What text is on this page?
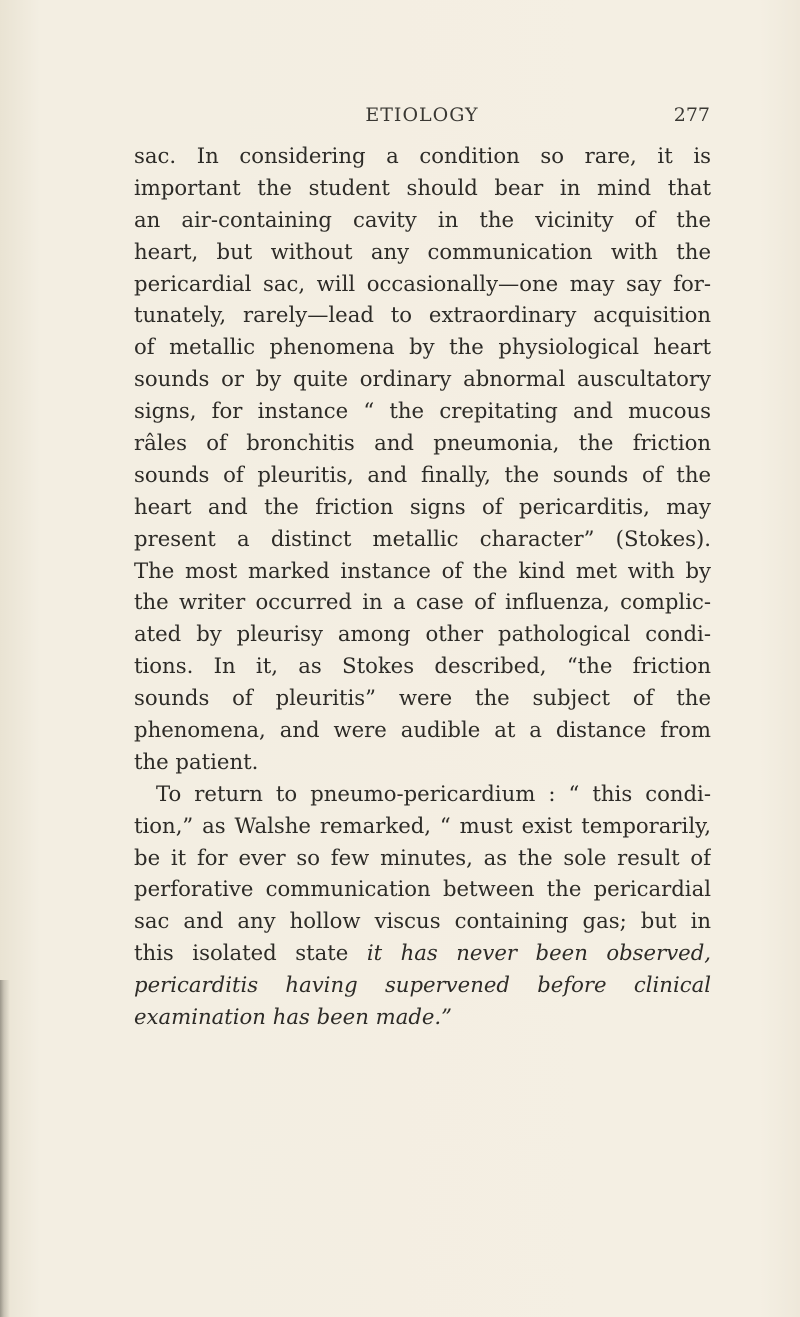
ETIOLOGY	277
sac. In considering a condition so rare, it is
important the student should bear in mind that
an air-containing cavity in the vicinity of the
heart, but without any communication with the
pericardial sac, will occasionally—one may say for-
tunately, rarely—lead to extraordinary acquisition
of metallic phenomena by the physiological heart
sounds or by quite ordinary abnormal auscultatory
signs, for instance “ the crepitating and mucous
râles of bronchitis and pneumonia, the friction
sounds of pleuritis, and finally, the sounds of the
heart and the friction signs of pericarditis, may
present a distinct metallic character” (Stokes).
The most marked instance of the kind met with by
the writer occurred in a case of influenza, complic-
ated by pleurisy among other pathological condi-
tions. In it, as Stokes described, “the friction
sounds of pleuritis” were the subject of the
phenomena, and were audible at a distance from
the patient.
To return to pneumo-pericardium : “ this condi-
tion,” as Walshe remarked, “ must exist temporarily,
be it for ever so few minutes, as the sole result of
perforative communication between the pericardial
sac and any hollow viscus containing gas; but in
this isolated state it has never been observed,
pericarditis having supervened before clinical
examination has been made.”
